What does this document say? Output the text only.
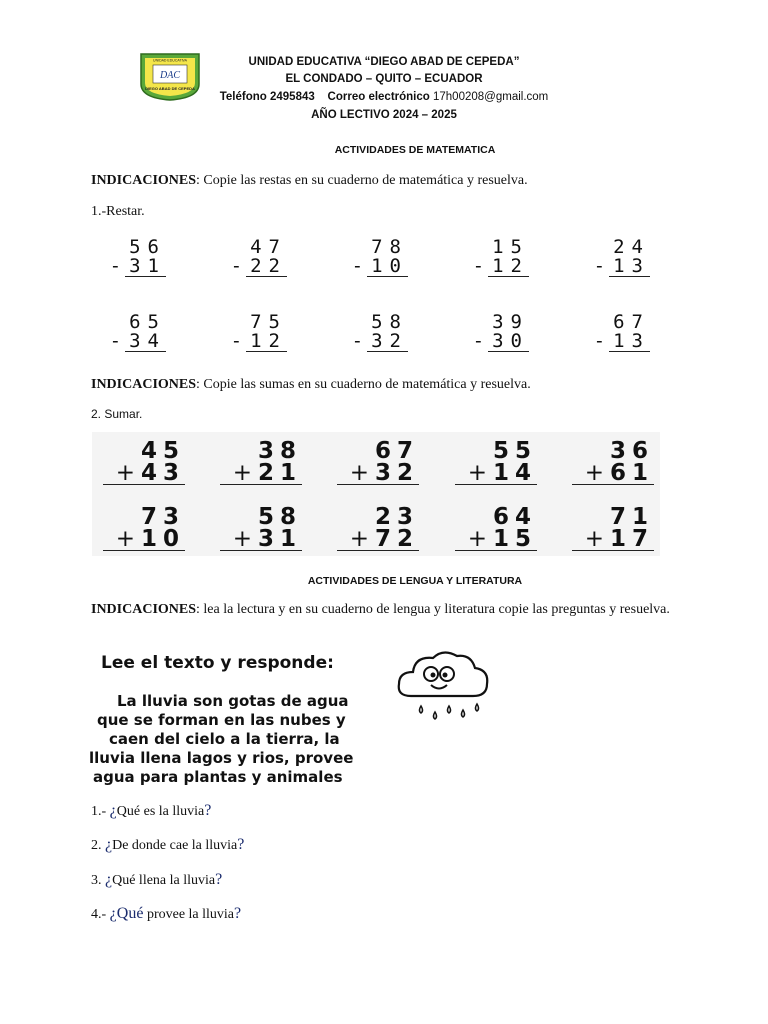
UNIDAD EDUCATIVA
DAC
DIEGO ABAD DE CEPEDA
UNIDAD EDUCATIVA “DIEGO ABAD DE CEPEDA”
EL CONDADO – QUITO – ECUADOR
Teléfono 2495843 Correo electrónico 17h00208@gmail.com
AÑO LECTIVO 2024 – 2025
ACTIVIDADES DE MATEMATICA
INDICACIONES: Copie las restas en su cuaderno de matemática y resuelva.
1.-Restar.
56
- 31
47
- 22
78
- 10
15
- 12
24
- 13
65
- 34
75
- 12
58
- 32
39
- 30
67
- 13
INDICACIONES: Copie las sumas en su cuaderno de matemática y resuelva.
2. Sumar.
45
+ 43
38
+ 21
67
+ 32
55
+ 14
36
+ 61
73
+ 10
58
+ 31
23
+ 72
64
+ 15
71
+ 17
ACTIVIDADES DE LENGUA Y LITERATURA
INDICACIONES: lea la lectura y en su cuaderno de lengua y literatura copie las preguntas y resuelva.
Lee el texto y responde:
La lluvia son gotas de agua
que se forman en las nubes y
caen del cielo a la tierra, la
lluvia llena lagos y rios, provee
agua para plantas y animales
1.- ¿Qué es la lluvia?
2. ¿De donde cae la lluvia?
3. ¿Qué llena la lluvia?
4.- ¿Qué provee la lluvia?
